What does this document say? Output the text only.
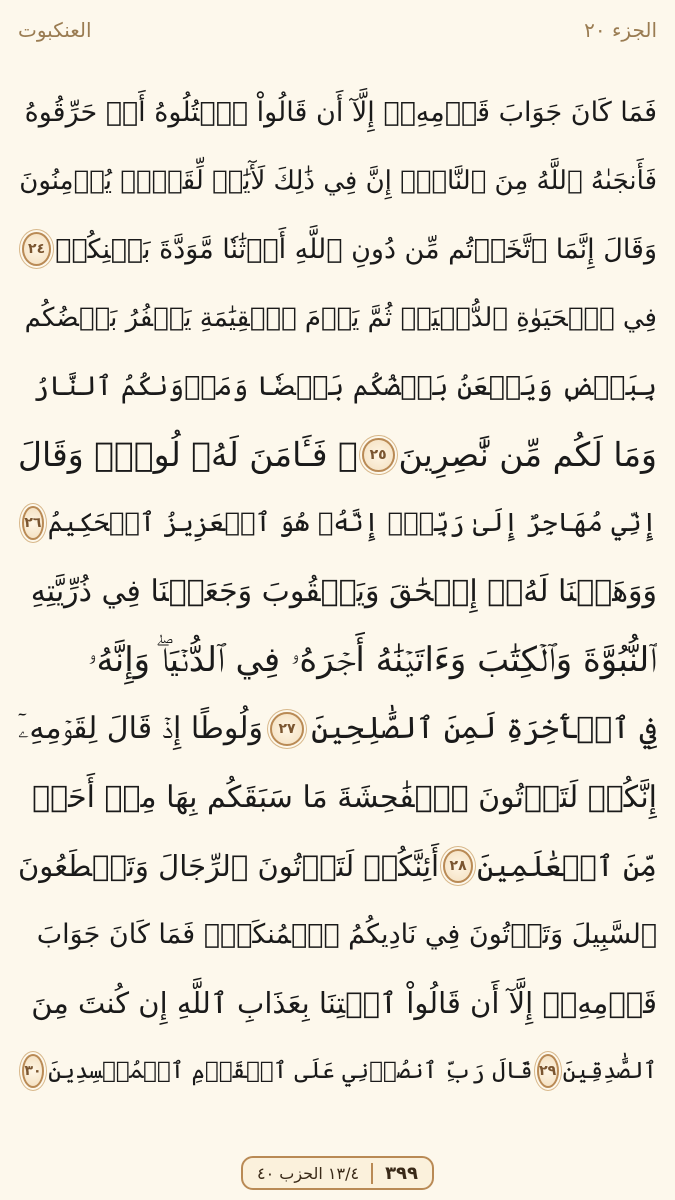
الجزء ٢٠
العنكبوت
فَمَا كَانَ جَوَابَ قَوۡمِهِۦٓ إِلَّآ أَن قَالُواْ ٱقۡتُلُوهُ أَوۡ حَرِّقُوهُ
فَأَنجَىٰهُ ٱللَّهُ مِنَ ٱلنَّارِۚ إِنَّ فِي ذَٰلِكَ لَأٓيَٰتٖ لِّقَوۡمٖ يُؤۡمِنُونَ
وَقَالَ إِنَّمَا ٱتَّخَذۡتُم مِّن دُونِ ٱللَّهِ أَوۡثَٰنٗا مَّوَدَّةَ بَيۡنِكُمۡ
٢٤
فِي ٱلۡحَيَوٰةِ ٱلدُّنۡيَاۖ ثُمَّ يَوۡمَ ٱلۡقِيَٰمَةِ يَكۡفُرُ بَعۡضُكُم
بِبَعۡضٖ وَيَلۡعَنُ بَعۡضُكُم بَعۡضٗا وَمَأۡوَىٰكُمُ ٱلنَّارُ
وَمَا لَكُم مِّن نَّٰصِرِينَ
٢٥
۞ فَـَٔامَنَ لَهُۥ لُوطٞۘ وَقَالَ
إِنِّي مُهَاجِرٌ إِلَىٰ رَبِّيٓۖ إِنَّهُۥ هُوَ ٱلۡعَزِيزُ ٱلۡحَكِيمُ
٢٦
وَوَهَبۡنَا لَهُۥٓ إِسۡحَٰقَ وَيَعۡقُوبَ وَجَعَلۡنَا فِي ذُرِّيَّتِهِ
ٱلنُّبُوَّةَ وَٱلۡكِتَٰبَ وَءَاتَيۡنَٰهُ أَجۡرَهُۥ فِي ٱلدُّنۡيَاۖ وَإِنَّهُۥ
فِي ٱلۡأٓخِرَةِ لَمِنَ ٱلصَّٰلِحِينَ
٢٧
وَلُوطًا إِذۡ قَالَ لِقَوۡمِهِۦٓ
إِنَّكُمۡ لَتَأۡتُونَ ٱلۡفَٰحِشَةَ مَا سَبَقَكُم بِهَا مِنۡ أَحَدٖ
مِّنَ ٱلۡعَٰلَمِينَ
٢٨
أَئِنَّكُمۡ لَتَأۡتُونَ ٱلرِّجَالَ وَتَقۡطَعُونَ
ٱلسَّبِيلَ وَتَأۡتُونَ فِي نَادِيكُمُ ٱلۡمُنكَرَۖ فَمَا كَانَ جَوَابَ
قَوۡمِهِۦٓ إِلَّآ أَن قَالُواْ ٱئۡتِنَا بِعَذَابِ ٱللَّهِ إِن كُنتَ مِنَ
ٱلصَّٰدِقِينَ
٢٩
قَالَ رَبِّ ٱنصُرۡنِي عَلَى ٱلۡقَوۡمِ ٱلۡمُفۡسِدِينَ
٣٠
٣٩٩
١٣/٤ الحزب ٤٠
